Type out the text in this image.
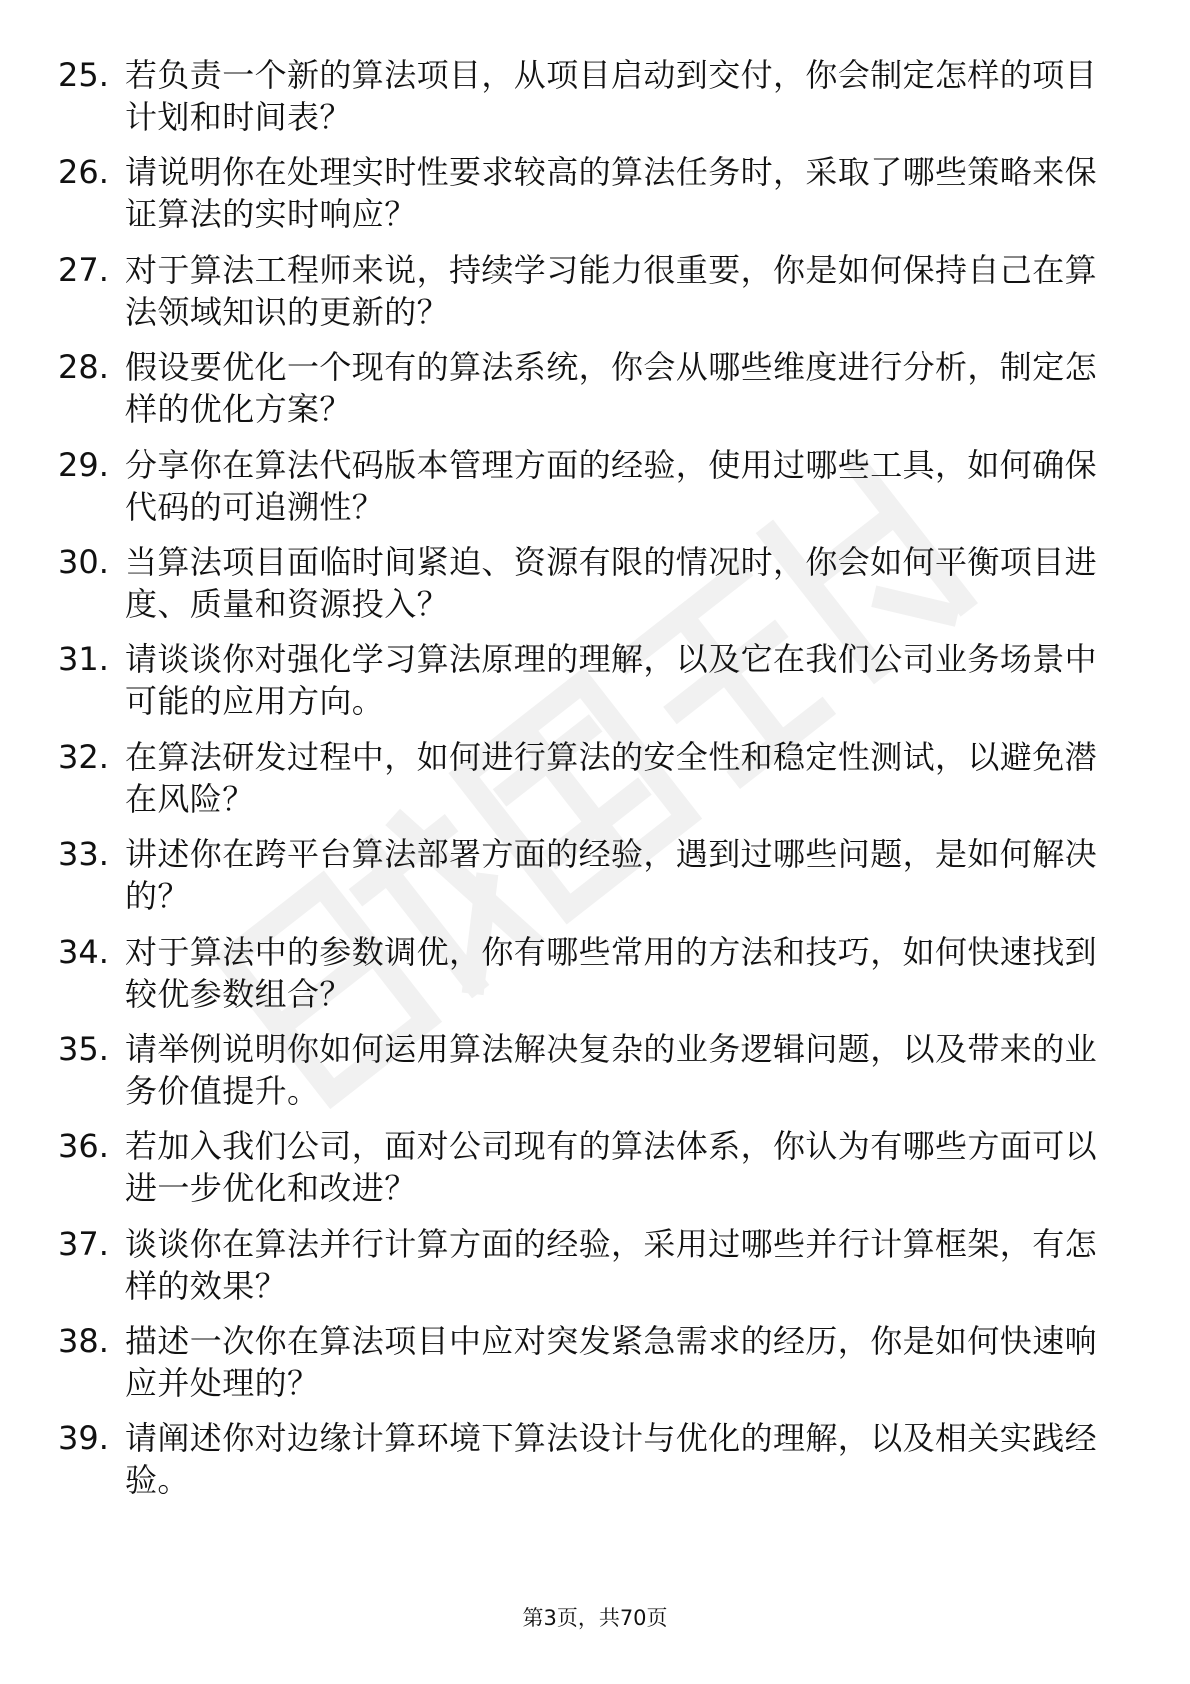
25. 若负责一个新的算法项目，从项目启动到交付，你会制定怎样的项目计划和时间表？
26. 请说明你在处理实时性要求较高的算法任务时，采取了哪些策略来保证算法的实时响应？
27. 对于算法工程师来说，持续学习能力很重要，你是如何保持自己在算法领域知识的更新的？
28. 假设要优化一个现有的算法系统，你会从哪些维度进行分析，制定怎样的优化方案？
29. 分享你在算法代码版本管理方面的经验，使用过哪些工具，如何确保代码的可追溯性？
30. 当算法项目面临时间紧迫、资源有限的情况时，你会如何平衡项目进度、质量和资源投入？
31. 请谈谈你对强化学习算法原理的理解，以及它在我们公司业务场景中可能的应用方向。
32. 在算法研发过程中，如何进行算法的安全性和稳定性测试，以避免潜在风险？
33. 讲述你在跨平台算法部署方面的经验，遇到过哪些问题，是如何解决的？
34. 对于算法中的参数调优，你有哪些常用的方法和技巧，如何快速找到较优参数组合？
35. 请举例说明你如何运用算法解决复杂的业务逻辑问题，以及带来的业务价值提升。
36. 若加入我们公司，面对公司现有的算法体系，你认为有哪些方面可以进一步优化和改进？
37. 谈谈你在算法并行计算方面的经验，采用过哪些并行计算框架，有怎样的效果？
38. 描述一次你在算法项目中应对突发紧急需求的经历，你是如何快速响应并处理的？
39. 请阐述你对边缘计算环境下算法设计与优化的理解，以及相关实践经验。
第3页，共70页
